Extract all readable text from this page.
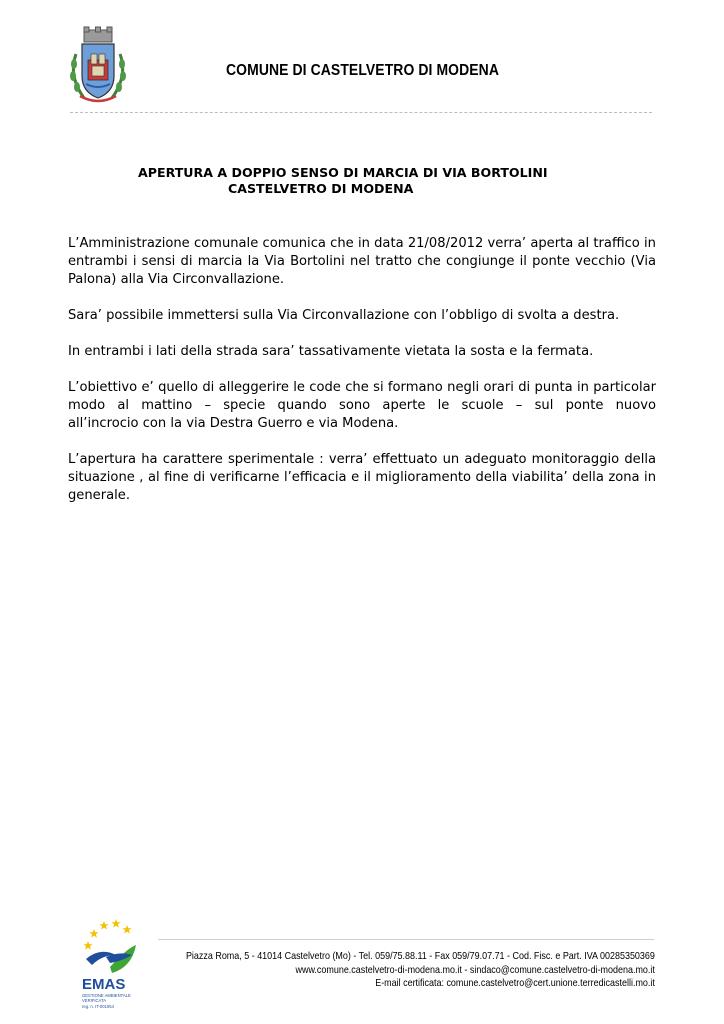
COMUNE DI CASTELVETRO DI MODENA
APERTURA A DOPPIO SENSO DI MARCIA DI VIA BORTOLINI
CASTELVETRO DI MODENA

L’Amministrazione comunale comunica che in data 21/08/2012 verra’ aperta al traffico in entrambi i sensi di marcia la Via Bortolini nel tratto che congiunge il ponte vecchio (Via Palona) alla Via Circonvallazione.

Sara’ possibile immettersi sulla Via Circonvallazione con l’obbligo di svolta a destra.

In entrambi i lati della strada sara’ tassativamente vietata la sosta e la fermata.

L’obiettivo e’ quello di alleggerire le code che si formano negli orari di punta in particolar modo al mattino – specie quando sono aperte le scuole – sul ponte nuovo
all’incrocio con la via Destra Guerro e via Modena.

L’apertura ha carattere sperimentale : verra’ effettuato un adeguato monitoraggio della situazione , al fine di verificarne l’efficacia e il miglioramento della viabilita’ della zona in generale.

EMAS
GESTIONE AMBIENTALE
VERIFICATA
reg. n. IT-001054
Piazza Roma, 5 - 41014 Castelvetro (Mo) - Tel. 059/75.88.11 - Fax 059/79.07.71 - Cod. Fisc. e Part. IVA 00285350369
www.comune.castelvetro-di-modena.mo.it - sindaco@comune.castelvetro-di-modena.mo.it
E-mail certificata: comune.castelvetro@cert.unione.terredicastelli.mo.it
